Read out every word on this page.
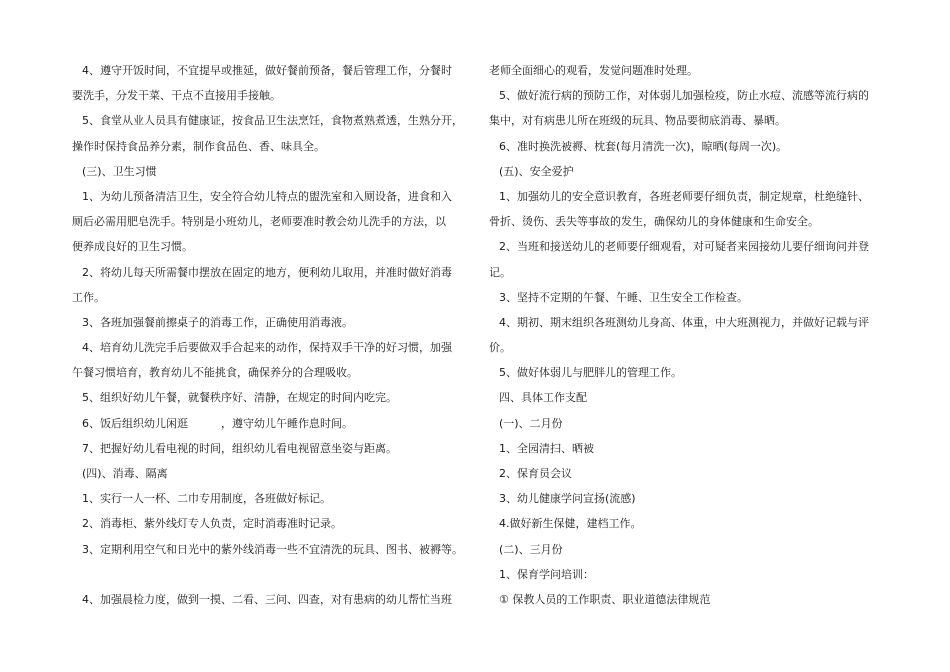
4、遵守开饭时间，不宜提早或推延，做好餐前预备，餐后管理工作，分餐时
要洗手，分发干菜、干点不直接用手接触。
5、食堂从业人员具有健康证，按食品卫生法烹饪，食物煮熟煮透，生熟分开，
操作时保持食品养分素，制作食品色、香、味具全。
(三)、卫生习惯
1、为幼儿预备清洁卫生，安全符合幼儿特点的盥洗室和入厕设备，进食和入
厕后必需用肥皂洗手。特别是小班幼儿，老师要准时教会幼儿洗手的方法，以
便养成良好的卫生习惯。
2、将幼儿每天所需餐巾摆放在固定的地方，便利幼儿取用，并准时做好消毒
工作。
3、各班加强餐前擦桌子的消毒工作，正确使用消毒液。
4、培育幼儿洗完手后要做双手合起来的动作，保持双手干净的好习惯，加强
午餐习惯培育，教育幼儿不能挑食，确保养分的合理吸收。
5、组织好幼儿午餐，就餐秩序好、清静，在规定的时间内吃完。
6、饭后组织幼儿闲逛　　　，遵守幼儿午睡作息时间。
7、把握好幼儿看电视的时间，组织幼儿看电视留意坐姿与距离。
(四)、消毒、隔离
1、实行一人一杯、二巾专用制度，各班做好标记。
2、消毒柜、紫外线灯专人负责，定时消毒准时记录。
3、定期利用空气和日光中的紫外线消毒一些不宜清洗的玩具、图书、被褥等。
4、加强晨检力度，做到一摸、二看、三问、四查，对有患病的幼儿帮忙当班
老师全面细心的观看，发觉问题准时处理。
5、做好流行病的预防工作，对体弱儿加强检疫，防止水痘、流感等流行病的
集中，对有病患儿所在班级的玩具、物品要彻底消毒、暴晒。
6、准时换洗被褥、枕套(每月清洗一次)，晾晒(每周一次)。
(五)、安全爱护
1、加强幼儿的安全意识教育，各班老师要仔细负责，制定规章，杜绝缝针、
骨折、烫伤、丢失等事故的发生，确保幼儿的身体健康和生命安全。
2、当班和接送幼儿的老师要仔细观看，对可疑者来园接幼儿要仔细询问并登
记。
3、坚持不定期的午餐、午睡、卫生安全工作检查。
4、期初、期末组织各班测幼儿身高、体重，中大班测视力，并做好记载与评
价。
5、做好体弱儿与肥胖儿的管理工作。
四、具体工作支配
(一)、二月份
1、全园清扫、晒被
2、保育员会议
3、幼儿健康学问宣扬(流感)
4.做好新生保健，建档工作。
(二)、三月份
1、保育学问培训：
① 保教人员的工作职责、职业道德法律规范
